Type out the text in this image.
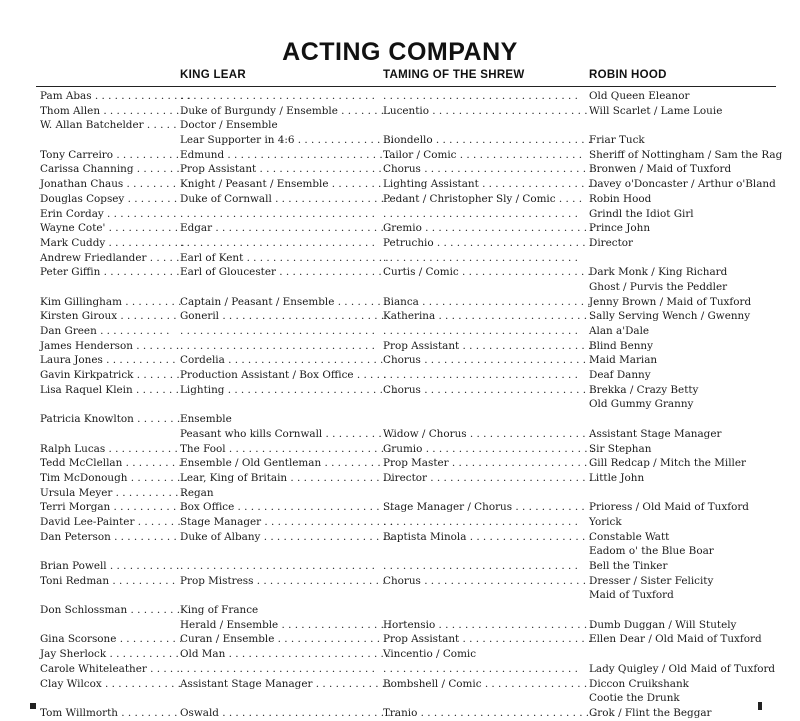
ACTING COMPANY
KING LEAR	TAMING OF THE SHREW	ROBIN HOOD
Pam Abas . . . . . . . . . . . . . . .
. . . . . . . . . . . . . . . . . . . . . . . . . . . . . . . . . . . . . . . . . . . . . . . . . . . . . . . . . . . . Old Queen Eleanor
Thom Allen . . . . . . . . . . . . .
Duke of Burgundy / Ensemble . . . . . . . .
Lucentio . . . . . . . . . . . . . . . . . . . . . . . . Will Scarlet / Lame Louie
W. Allan Batchelder . . . . . Doctor / Ensemble
Lear Supporter in 4:6 . . . . . . . . . . . . . . .
Biondello . . . . . . . . . . . . . . . . . . . . . . . .
Friar Tuck
Tony Carreiro . . . . . . . . . . Edmund . . . . . . . . . . . . . . . . . . . . . . . . . .
Tailor / Comic . . . . . . . . . . . . . . . . . . . Sheriff of Nottingham / Sam the Rag
Carissa Channing . . . . . . . Prop Assistant . . . . . . . . . . . . . . . . . . . .
Chorus . . . . . . . . . . . . . . . . . . . . . . . . . .
Bronwen / Maid of Tuxford
Jonathan Chaus . . . . . . . . Knight / Peasant / Ensemble . . . . . . . . Lighting Assistant . . . . . . . . . . . . . . . . . .
Davey o'Doncaster / Arthur o'Bland
Douglas Copsey . . . . . . . . Duke of Cornwall . . . . . . . . . . . . . . . . . .
Pedant / Christopher Sly / Comic . . . . Robin Hood
Erin Corday . . . . . . . . . . . . . . . . . . . . . . . . . . . . . . . . . . . . . . . . . . . . . . . . . . . . . . . . . . . . . . . . . . . . . . . Grindl the Idiot Girl
Wayne Cote' . . . . . . . . . . . Edgar . . . . . . . . . . . . . . . . . . . . . . . . . . .
Gremio . . . . . . . . . . . . . . . . . . . . . . . . . .
Prince John
Mark Cuddy . . . . . . . . . . . .
. . . . . . . . . . . . . . . . . . . . . . . . . . . . . . Petruchio . . . . . . . . . . . . . . . . . . . . . . . .
Director
Andrew Friedlander . . . . . Earl of Kent . . . . . . . . . . . . . . . . . . . . . .
. . . . . . . . . . . . . . . . . . . . . . . . . . . . . .
Peter Giffin . . . . . . . . . . . . Earl of Gloucester . . . . . . . . . . . . . . . . .
Curtis / Comic . . . . . . . . . . . . . . . . . . . .
Dark Monk / King Richard
Ghost / Purvis the Peddler
Kim Gillingham . . . . . . . . .
Captain / Peasant / Ensemble . . . . . . . .
Bianca . . . . . . . . . . . . . . . . . . . . . . . . . . .
Jenny Brown / Maid of Tuxford
Kirsten Giroux . . . . . . . . . Goneril . . . . . . . . . . . . . . . . . . . . . . . . . .
Katherina . . . . . . . . . . . . . . . . . . . . . . . .
Sally Serving Wench / Gwenny
Dan Green . . . . . . . . . . . . . . . . . . . . . . . . . . . . . . . . . . . . . . . . . . . . . . . . . . . . . . . . . . . . . . . . . . . . . . . Alan a'Dale
James Henderson . . . . . . . . . . . . . . . . . . . . . . . . . . . . . . . . . . . . . Prop Assistant . . . . . . . . . . . . . . . . . . . .
Blind Benny
Laura Jones . . . . . . . . . . . Cordelia . . . . . . . . . . . . . . . . . . . . . . . . .
Chorus . . . . . . . . . . . . . . . . . . . . . . . . . .
Maid Marian
Gavin Kirkpatrick . . . . . . . Production Assistant / Box Office . . . . .
. . . . . . . . . . . . . . . . . . . . . . . . . . . . . . Deaf Danny
Lisa Raquel Klein . . . . . . . Lighting . . . . . . . . . . . . . . . . . . . . . . . . . .
Chorus . . . . . . . . . . . . . . . . . . . . . . . . . .
Brekka / Crazy Betty
Old Gummy Granny
Patricia Knowlton . . . . . . . Ensemble
Peasant who kills Cornwall . . . . . . . . . . .
Widow / Chorus . . . . . . . . . . . . . . . . . . .
Assistant Stage Manager
Ralph Lucas . . . . . . . . . . . The Fool . . . . . . . . . . . . . . . . . . . . . . . . .
Grumio . . . . . . . . . . . . . . . . . . . . . . . . . .
Sir Stephan
Tedd McClellan . . . . . . . . .
Ensemble / Old Gentleman . . . . . . . . . . .
Prop Master . . . . . . . . . . . . . . . . . . . . . .
Gill Redcap / Mitch the Miller
Tim McDonough . . . . . . . . .
Lear, King of Britain . . . . . . . . . . . . . . . .
Director . . . . . . . . . . . . . . . . . . . . . . . . .
Little John
Ursula Meyer . . . . . . . . . . .
Regan
Terri Morgan . . . . . . . . . . .
Box Office . . . . . . . . . . . . . . . . . . . . . . . .
Stage Manager / Chorus . . . . . . . . . . . Prioress / Old Maid of Tuxford
David Lee-Painter . . . . . . . Stage Manager . . . . . . . . . . . . . . . . . . . .
. . . . . . . . . . . . . . . . . . . . . . . . . . . . . . Yorick
Dan Peterson . . . . . . . . . . .
Duke of Albany . . . . . . . . . . . . . . . . . . . .
Baptista Minola . . . . . . . . . . . . . . . . . . .
Constable Watt
Eadom o' the Blue Boar
Brian Powell . . . . . . . . . . . . . . . . . . . . . . . . . . . . . . . . . . . . . . . . . . . . . . . . . . . . . . . . . . . . . . . . . . . . . . . Bell the Tinker
Toni Redman . . . . . . . . . . Prop Mistress . . . . . . . . . . . . . . . . . . . .
Chorus . . . . . . . . . . . . . . . . . . . . . . . . . .
Dresser / Sister Felicity
Maid of Tuxford
Don Schlossman . . . . . . . . King of France
Herald / Ensemble . . . . . . . . . . . . . . . . .
Hortensio . . . . . . . . . . . . . . . . . . . . . . . .
Dumb Duggan / Will Stutely
Gina Scorsone . . . . . . . . . .
Curan / Ensemble . . . . . . . . . . . . . . . . . .
Prop Assistant . . . . . . . . . . . . . . . . . . . .
Ellen Dear / Old Maid of Tuxford
Jay Sherlock . . . . . . . . . . . .
Old Man . . . . . . . . . . . . . . . . . . . . . . . . . .
Vincentio / Comic
Carole Whiteleather . . . . . . . . . . . . . . . . . . . . . . . . . . . . . . . . . . . . . . . . . . . . . . . . . . . . . . . . . . . . . . . . . Lady Quigley / Old Maid of Tuxford
Clay Wilcox . . . . . . . . . . . . Assistant Stage Manager . . . . . . . . . . . .
Bombshell / Comic . . . . . . . . . . . . . . . . Diccon Cruikshank
Cootie the Drunk
Tom Willmorth . . . . . . . . . Oswald . . . . . . . . . . . . . . . . . . . . . . . . . . .
Tranio . . . . . . . . . . . . . . . . . . . . . . . . . . .
Grok / Flint the Beggar
